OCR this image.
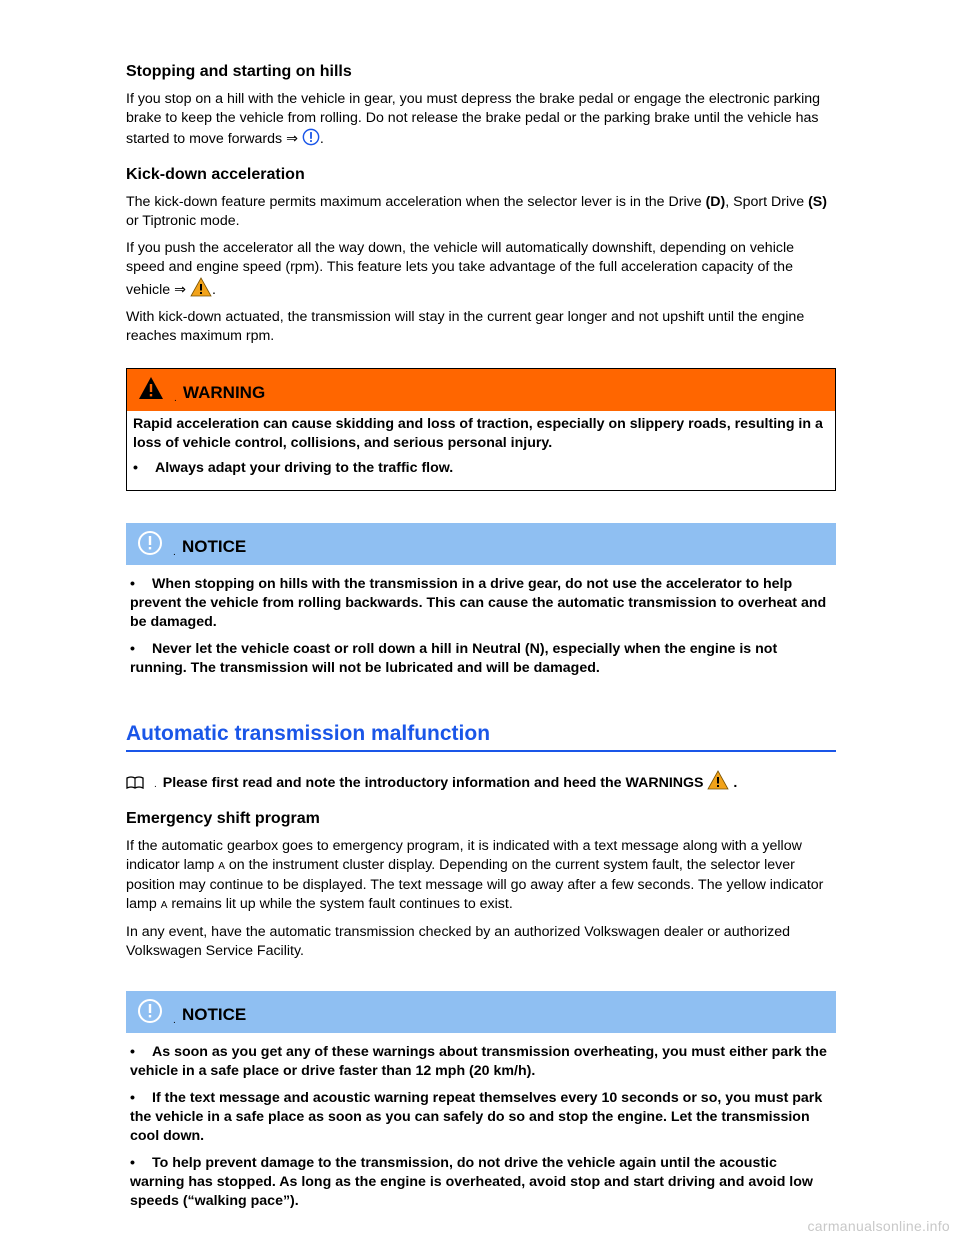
Stopping and starting on hills

If you stop on a hill with the vehicle in gear, you must depress the brake pedal or engage the electronic parking brake to keep the vehicle from rolling. Do not release the brake pedal or the parking brake until the vehicle has started to move forwards ⇒ .

Kick-down acceleration

The kick-down feature permits maximum acceleration when the selector lever is in the Drive (D), Sport Drive (S) or Tiptronic mode.

If you push the accelerator all the way down, the vehicle will automatically downshift, depending on vehicle speed and engine speed (rpm). This feature lets you take advantage of the full acceleration capacity of the vehicle ⇒ .

With kick-down actuated, the transmission will stay in the current gear longer and not upshift until the engine reaches maximum rpm.

. WARNING

Rapid acceleration can cause skidding and loss of traction, especially on slippery roads, resulting in a loss of vehicle control, collisions, and serious personal injury.

• Always adapt your driving to the traffic flow.

. NOTICE

• When stopping on hills with the transmission in a drive gear, do not use the accelerator to help prevent the vehicle from rolling backwards. This can cause the automatic transmission to overheat and be damaged.

• Never let the vehicle coast or roll down a hill in Neutral (N), especially when the engine is not running. The transmission will not be lubricated and will be damaged.

Automatic transmission malfunction
. Please first read and note the introductory information and heed the WARNINGS .
Emergency shift program

If the automatic gearbox goes to emergency program, it is indicated with a text message along with a yellow indicator lamp A on the instrument cluster display. Depending on the current system fault, the selector lever position may continue to be displayed. The text message will go away after a few seconds. The yellow indicator lamp A remains lit up while the system fault continues to exist.

In any event, have the automatic transmission checked by an authorized Volkswagen dealer or authorized Volkswagen Service Facility.

. NOTICE

• As soon as you get any of these warnings about transmission overheating, you must either park the vehicle in a safe place or drive faster than 12 mph (20 km/h).

• If the text message and acoustic warning repeat themselves every 10 seconds or so, you must park the vehicle in a safe place as soon as you can safely do so and stop the engine. Let the transmission cool down.

• To help prevent damage to the transmission, do not drive the vehicle again until the acoustic warning has stopped. As long as the engine is overheated, avoid stop and start driving and avoid low speeds (“walking pace”).

carmanualsonline.info
